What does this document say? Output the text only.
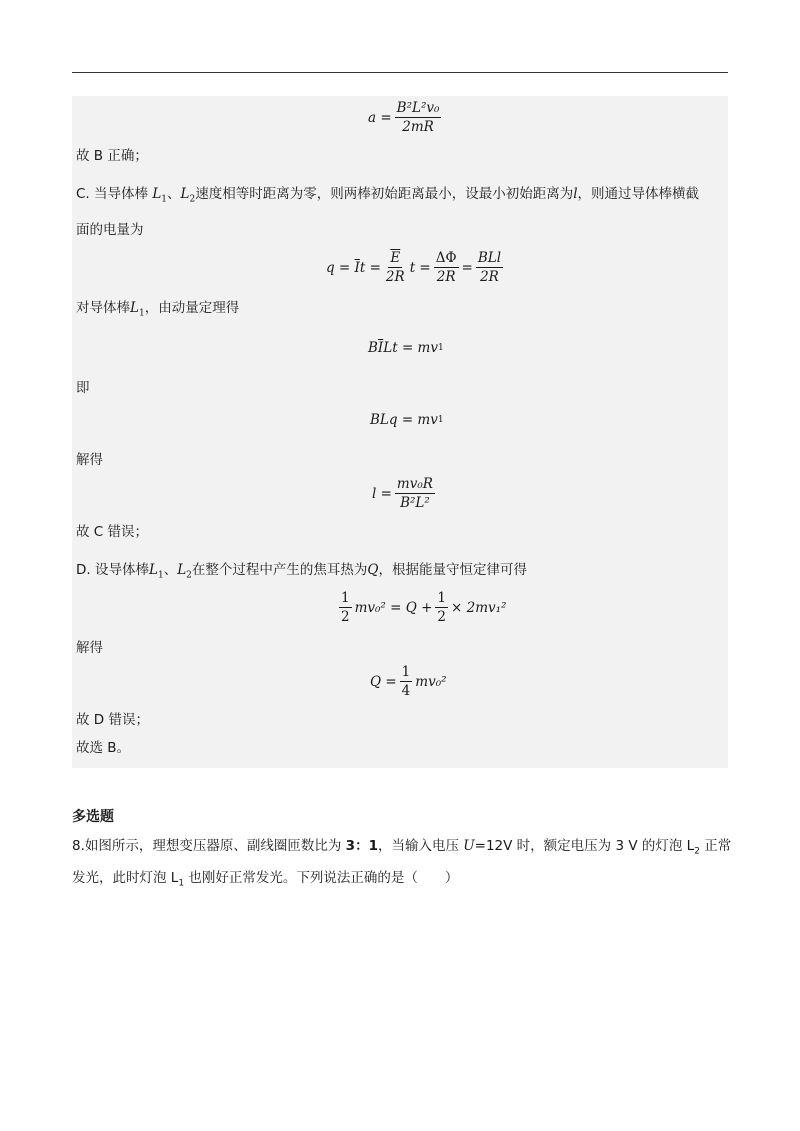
$a = \frac{\text{B²L²v₀}}{2mR}$
故 B 正确；
C. 当导体棒 $L_1$、$L_2$速度相等时距离为零，则两棒初始距离最小，设最小初始距离为l，则通过导体棒横截
面的电量为
q =
$\overline{I}$ $t = \frac{\overline{E}}{2R}$ $t = \frac{\Delta\Phi}{2R} = \frac{\text{BLl}}{2R}$
对导体棒$L_1$，由动量定理得
B $\overline{I}$ Lt = mv 1
即
BLq = mv 1
解得
$l = \frac{\text{mv₀R}}{\text{B²L²}}$
故 C 错误；
D. 设导体棒$L_1$、$L_2$在整个过程中产生的焦耳热为Q，根据能量守恒定律可得
$\frac{1}{2} mv_0^2 = Q + \frac{1}{2} \times 2mv_1^2$
解得
$Q = \frac{1}{4} mv_0^2$
故 D 错误；
故选 B。
多选题
8.如图所示，理想变压器原、副线圈匝数比为 3：1，当输入电压 U=12V 时，额定电压为 3 V 的灯泡 $L_2$ 正常
发光，此时灯泡 $L_1$ 也刚好正常发光。下列说法正确的是（　　）
